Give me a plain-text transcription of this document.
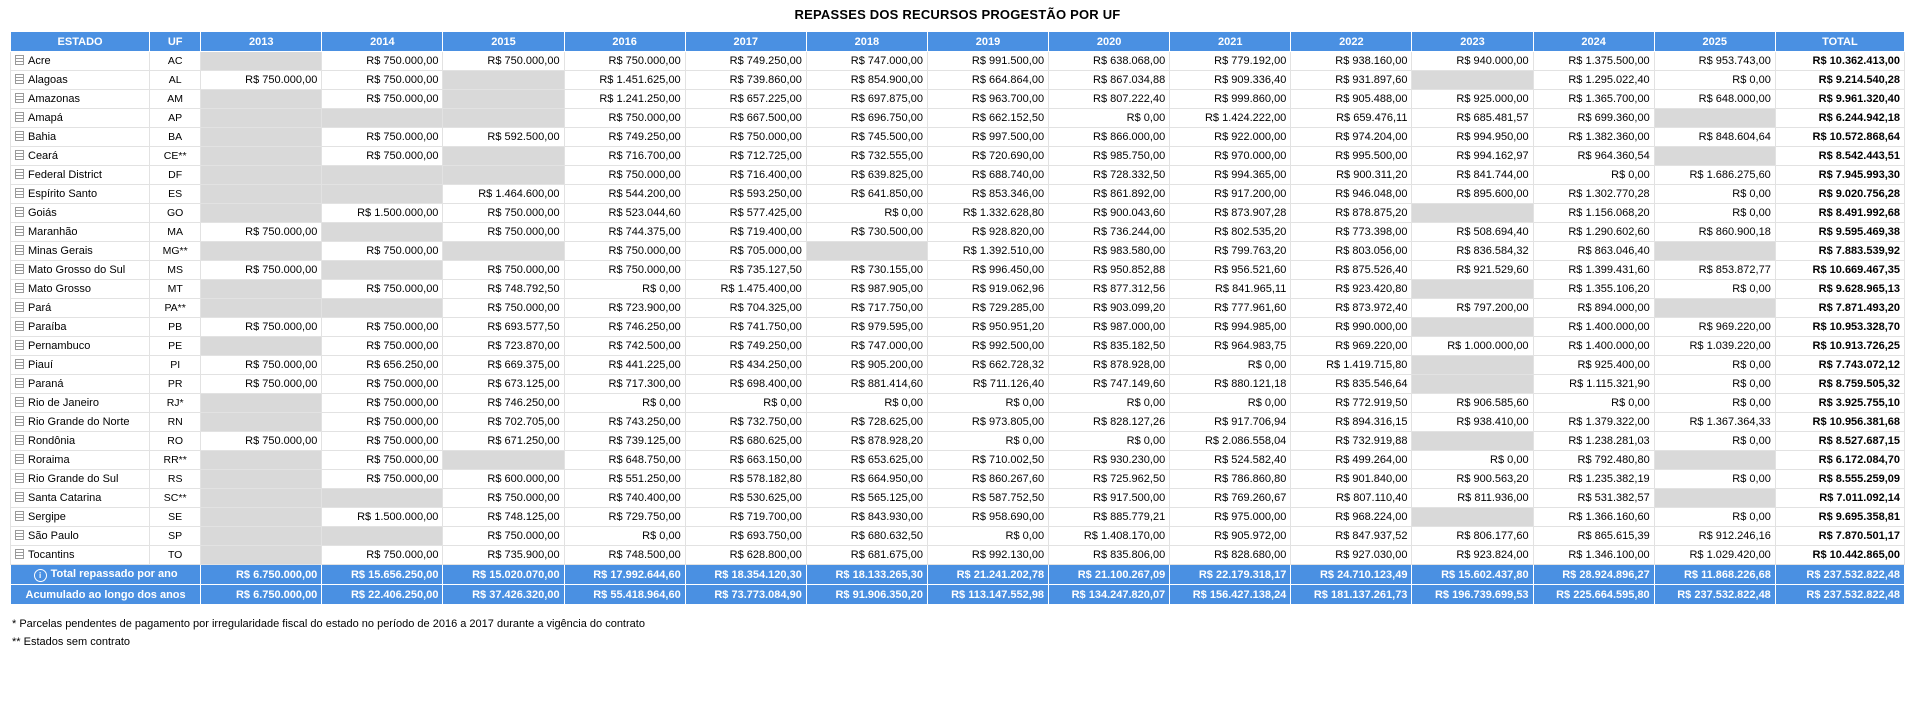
REPASSES DOS RECURSOS PROGESTÃO POR UF
ESTADO	UF	2013	2014	2015	2016	2017	2018	2019	2020	2021	2022	2023	2024	2025	TOTAL
Acre	AC		R$ 750.000,00	R$ 750.000,00	R$ 750.000,00	R$ 749.250,00	R$ 747.000,00	R$ 991.500,00	R$ 638.068,00	R$ 779.192,00	R$ 938.160,00	R$ 940.000,00	R$ 1.375.500,00	R$ 953.743,00	R$ 10.362.413,00
Alagoas	AL	R$ 750.000,00	R$ 750.000,00		R$ 1.451.625,00	R$ 739.860,00	R$ 854.900,00	R$ 664.864,00	R$ 867.034,88	R$ 909.336,40	R$ 931.897,60		R$ 1.295.022,40	R$ 0,00	R$ 9.214.540,28
Amazonas	AM		R$ 750.000,00		R$ 1.241.250,00	R$ 657.225,00	R$ 697.875,00	R$ 963.700,00	R$ 807.222,40	R$ 999.860,00	R$ 905.488,00	R$ 925.000,00	R$ 1.365.700,00	R$ 648.000,00	R$ 9.961.320,40
Amapá	AP				R$ 750.000,00	R$ 667.500,00	R$ 696.750,00	R$ 662.152,50	R$ 0,00	R$ 1.424.222,00	R$ 659.476,11	R$ 685.481,57	R$ 699.360,00		R$ 6.244.942,18
Bahia	BA		R$ 750.000,00	R$ 592.500,00	R$ 749.250,00	R$ 750.000,00	R$ 745.500,00	R$ 997.500,00	R$ 866.000,00	R$ 922.000,00	R$ 974.204,00	R$ 994.950,00	R$ 1.382.360,00	R$ 848.604,64	R$ 10.572.868,64
Ceará	CE**		R$ 750.000,00		R$ 716.700,00	R$ 712.725,00	R$ 732.555,00	R$ 720.690,00	R$ 985.750,00	R$ 970.000,00	R$ 995.500,00	R$ 994.162,97	R$ 964.360,54		R$ 8.542.443,51
Federal District	DF				R$ 750.000,00	R$ 716.400,00	R$ 639.825,00	R$ 688.740,00	R$ 728.332,50	R$ 994.365,00	R$ 900.311,20	R$ 841.744,00	R$ 0,00	R$ 1.686.275,60	R$ 7.945.993,30
Espírito Santo	ES			R$ 1.464.600,00	R$ 544.200,00	R$ 593.250,00	R$ 641.850,00	R$ 853.346,00	R$ 861.892,00	R$ 917.200,00	R$ 946.048,00	R$ 895.600,00	R$ 1.302.770,28	R$ 0,00	R$ 9.020.756,28
Goiás	GO		R$ 1.500.000,00	R$ 750.000,00	R$ 523.044,60	R$ 577.425,00	R$ 0,00	R$ 1.332.628,80	R$ 900.043,60	R$ 873.907,28	R$ 878.875,20		R$ 1.156.068,20	R$ 0,00	R$ 8.491.992,68
Maranhão	MA	R$ 750.000,00		R$ 750.000,00	R$ 744.375,00	R$ 719.400,00	R$ 730.500,00	R$ 928.820,00	R$ 736.244,00	R$ 802.535,20	R$ 773.398,00	R$ 508.694,40	R$ 1.290.602,60	R$ 860.900,18	R$ 9.595.469,38
Minas Gerais	MG**		R$ 750.000,00		R$ 750.000,00	R$ 705.000,00		R$ 1.392.510,00	R$ 983.580,00	R$ 799.763,20	R$ 803.056,00	R$ 836.584,32	R$ 863.046,40		R$ 7.883.539,92
Mato Grosso do Sul	MS	R$ 750.000,00		R$ 750.000,00	R$ 750.000,00	R$ 735.127,50	R$ 730.155,00	R$ 996.450,00	R$ 950.852,88	R$ 956.521,60	R$ 875.526,40	R$ 921.529,60	R$ 1.399.431,60	R$ 853.872,77	R$ 10.669.467,35
Mato Grosso	MT		R$ 750.000,00	R$ 748.792,50	R$ 0,00	R$ 1.475.400,00	R$ 987.905,00	R$ 919.062,96	R$ 877.312,56	R$ 841.965,11	R$ 923.420,80		R$ 1.355.106,20	R$ 0,00	R$ 9.628.965,13
Pará	PA**			R$ 750.000,00	R$ 723.900,00	R$ 704.325,00	R$ 717.750,00	R$ 729.285,00	R$ 903.099,20	R$ 777.961,60	R$ 873.972,40	R$ 797.200,00	R$ 894.000,00		R$ 7.871.493,20
Paraíba	PB	R$ 750.000,00	R$ 750.000,00	R$ 693.577,50	R$ 746.250,00	R$ 741.750,00	R$ 979.595,00	R$ 950.951,20	R$ 987.000,00	R$ 994.985,00	R$ 990.000,00		R$ 1.400.000,00	R$ 969.220,00	R$ 10.953.328,70
Pernambuco	PE		R$ 750.000,00	R$ 723.870,00	R$ 742.500,00	R$ 749.250,00	R$ 747.000,00	R$ 992.500,00	R$ 835.182,50	R$ 964.983,75	R$ 969.220,00	R$ 1.000.000,00	R$ 1.400.000,00	R$ 1.039.220,00	R$ 10.913.726,25
Piauí	PI	R$ 750.000,00	R$ 656.250,00	R$ 669.375,00	R$ 441.225,00	R$ 434.250,00	R$ 905.200,00	R$ 662.728,32	R$ 878.928,00	R$ 0,00	R$ 1.419.715,80		R$ 925.400,00	R$ 0,00	R$ 7.743.072,12
Paraná	PR	R$ 750.000,00	R$ 750.000,00	R$ 673.125,00	R$ 717.300,00	R$ 698.400,00	R$ 881.414,60	R$ 711.126,40	R$ 747.149,60	R$ 880.121,18	R$ 835.546,64		R$ 1.115.321,90	R$ 0,00	R$ 8.759.505,32
Rio de Janeiro	RJ*		R$ 750.000,00	R$ 746.250,00	R$ 0,00	R$ 0,00	R$ 0,00	R$ 0,00	R$ 0,00	R$ 0,00	R$ 772.919,50	R$ 906.585,60	R$ 0,00	R$ 0,00	R$ 3.925.755,10
Rio Grande do Norte	RN		R$ 750.000,00	R$ 702.705,00	R$ 743.250,00	R$ 732.750,00	R$ 728.625,00	R$ 973.805,00	R$ 828.127,26	R$ 917.706,94	R$ 894.316,15	R$ 938.410,00	R$ 1.379.322,00	R$ 1.367.364,33	R$ 10.956.381,68
Rondônia	RO	R$ 750.000,00	R$ 750.000,00	R$ 671.250,00	R$ 739.125,00	R$ 680.625,00	R$ 878.928,20	R$ 0,00	R$ 0,00	R$ 2.086.558,04	R$ 732.919,88		R$ 1.238.281,03	R$ 0,00	R$ 8.527.687,15
Roraima	RR**		R$ 750.000,00		R$ 648.750,00	R$ 663.150,00	R$ 653.625,00	R$ 710.002,50	R$ 930.230,00	R$ 524.582,40	R$ 499.264,00	R$ 0,00	R$ 792.480,80		R$ 6.172.084,70
Rio Grande do Sul	RS		R$ 750.000,00	R$ 600.000,00	R$ 551.250,00	R$ 578.182,80	R$ 664.950,00	R$ 860.267,60	R$ 725.962,50	R$ 786.860,80	R$ 901.840,00	R$ 900.563,20	R$ 1.235.382,19	R$ 0,00	R$ 8.555.259,09
Santa Catarina	SC**			R$ 750.000,00	R$ 740.400,00	R$ 530.625,00	R$ 565.125,00	R$ 587.752,50	R$ 917.500,00	R$ 769.260,67	R$ 807.110,40	R$ 811.936,00	R$ 531.382,57		R$ 7.011.092,14
Sergipe	SE		R$ 1.500.000,00	R$ 748.125,00	R$ 729.750,00	R$ 719.700,00	R$ 843.930,00	R$ 958.690,00	R$ 885.779,21	R$ 975.000,00	R$ 968.224,00		R$ 1.366.160,60	R$ 0,00	R$ 9.695.358,81
São Paulo	SP			R$ 750.000,00	R$ 0,00	R$ 693.750,00	R$ 680.632,50	R$ 0,00	R$ 1.408.170,00	R$ 905.972,00	R$ 847.937,52	R$ 806.177,60	R$ 865.615,39	R$ 912.246,16	R$ 7.870.501,17
Tocantins	TO		R$ 750.000,00	R$ 735.900,00	R$ 748.500,00	R$ 628.800,00	R$ 681.675,00	R$ 992.130,00	R$ 835.806,00	R$ 828.680,00	R$ 927.030,00	R$ 923.824,00	R$ 1.346.100,00	R$ 1.029.420,00	R$ 10.442.865,00
i Total repassado por ano		R$ 6.750.000,00	R$ 15.656.250,00	R$ 15.020.070,00	R$ 17.992.644,60	R$ 18.354.120,30	R$ 18.133.265,30	R$ 21.241.202,78	R$ 21.100.267,09	R$ 22.179.318,17	R$ 24.710.123,49	R$ 15.602.437,80	R$ 28.924.896,27	R$ 11.868.226,68	R$ 237.532.822,48
Acumulado ao longo dos anos		R$ 6.750.000,00	R$ 22.406.250,00	R$ 37.426.320,00	R$ 55.418.964,60	R$ 73.773.084,90	R$ 91.906.350,20	R$ 113.147.552,98	R$ 134.247.820,07	R$ 156.427.138,24	R$ 181.137.261,73	R$ 196.739.699,53	R$ 225.664.595,80	R$ 237.532.822,48	R$ 237.532.822,48
* Parcelas pendentes de pagamento por irregularidade fiscal do estado no período de 2016 a 2017 durante a vigência do contrato
** Estados sem contrato
